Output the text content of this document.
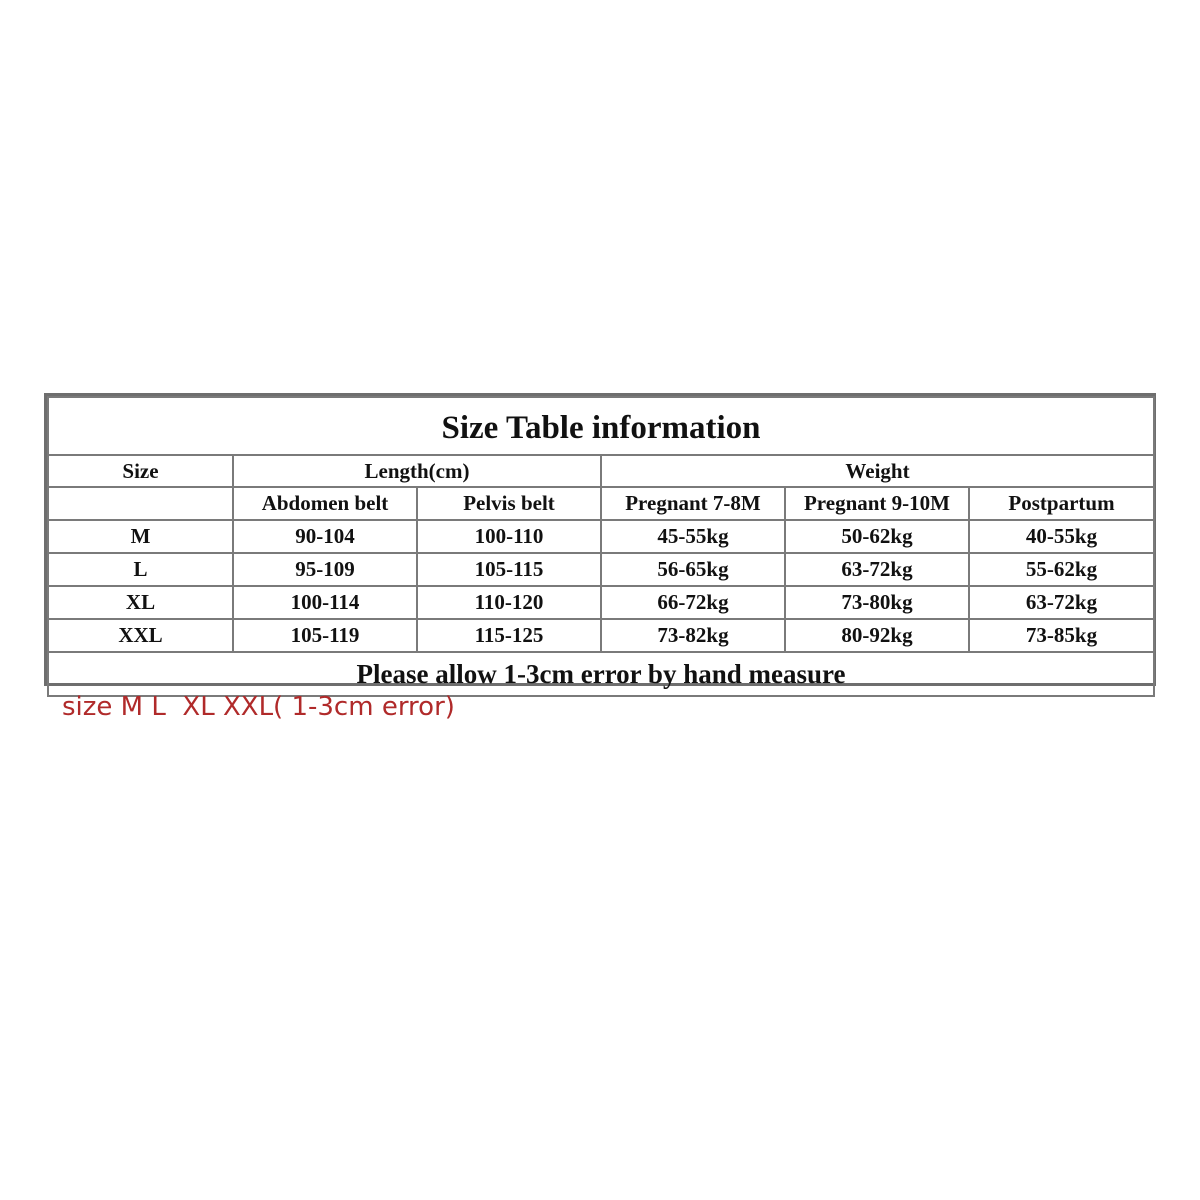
Size Table information					
Size	Length(cm)		Weight		
	Abdomen belt	Pelvis belt	Pregnant 7-8M	Pregnant 9-10M	Postpartum
M	90-104	100-110	45-55kg	50-62kg	40-55kg
L	95-109	105-115	56-65kg	63-72kg	55-62kg
XL	100-114	110-120	66-72kg	73-80kg	63-72kg
XXL	105-119	115-125	73-82kg	80-92kg	73-85kg
Please allow 1-3cm error by hand measure					

size M L  XL XXL( 1-3cm error)
